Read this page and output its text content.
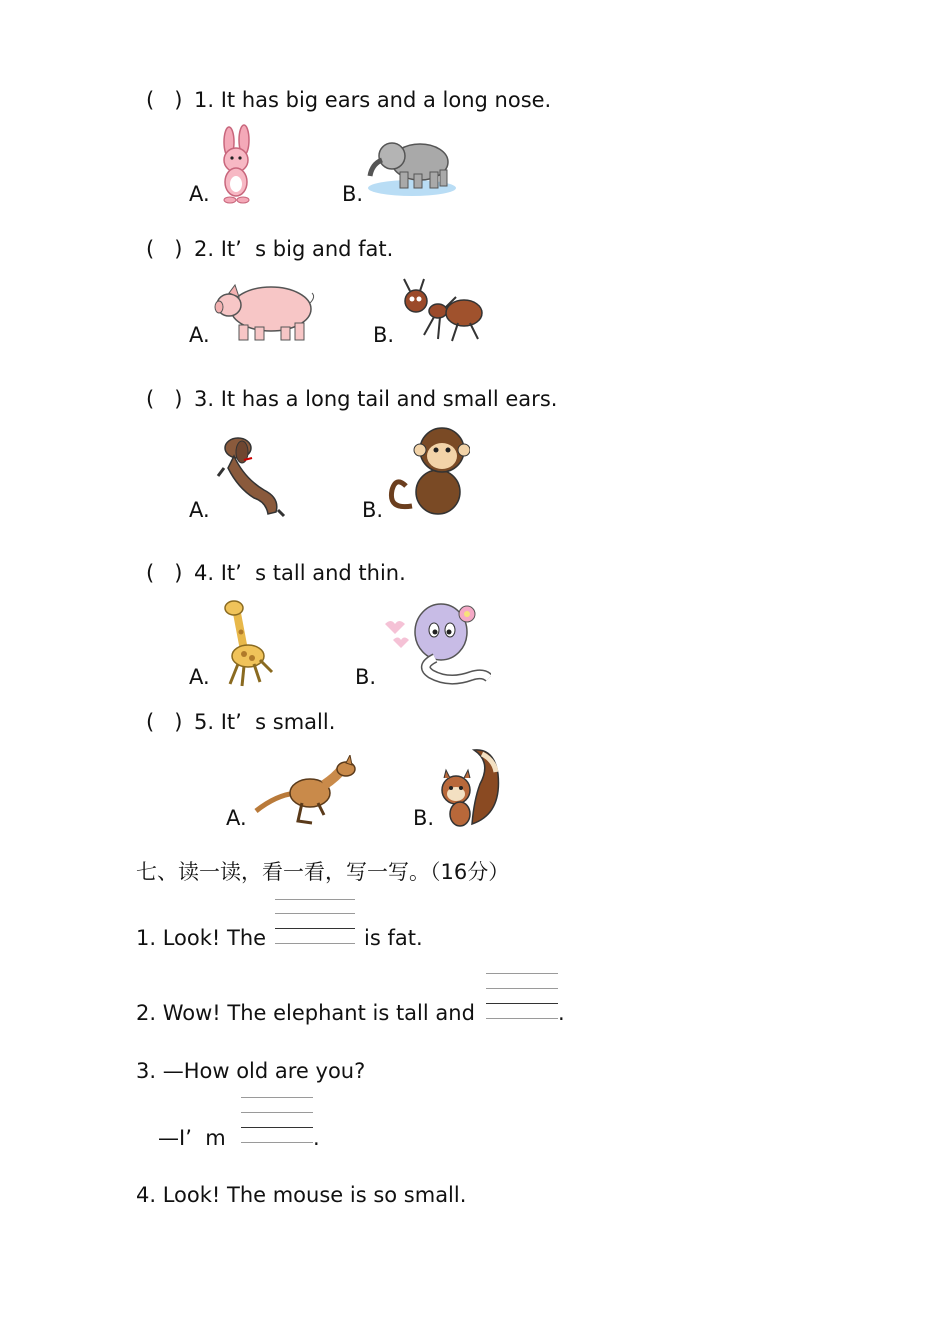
(   ) 1. It has big ears and a long nose.
A.	B.
(   ) 2. It’  s big and fat.
A.	B.
(   ) 3. It has a long tail and small ears.
A.	B.
(   ) 4. It’  s tall and thin.
A.	B.
(   ) 5. It’  s small.
A.	B.
七、读一读，看一看，写一写。（16分）
1. Look! The	is fat.
2. Wow! The elephant is tall and	.
3. —How old are you?
—I’  m	.
4. Look! The mouse is so small.
